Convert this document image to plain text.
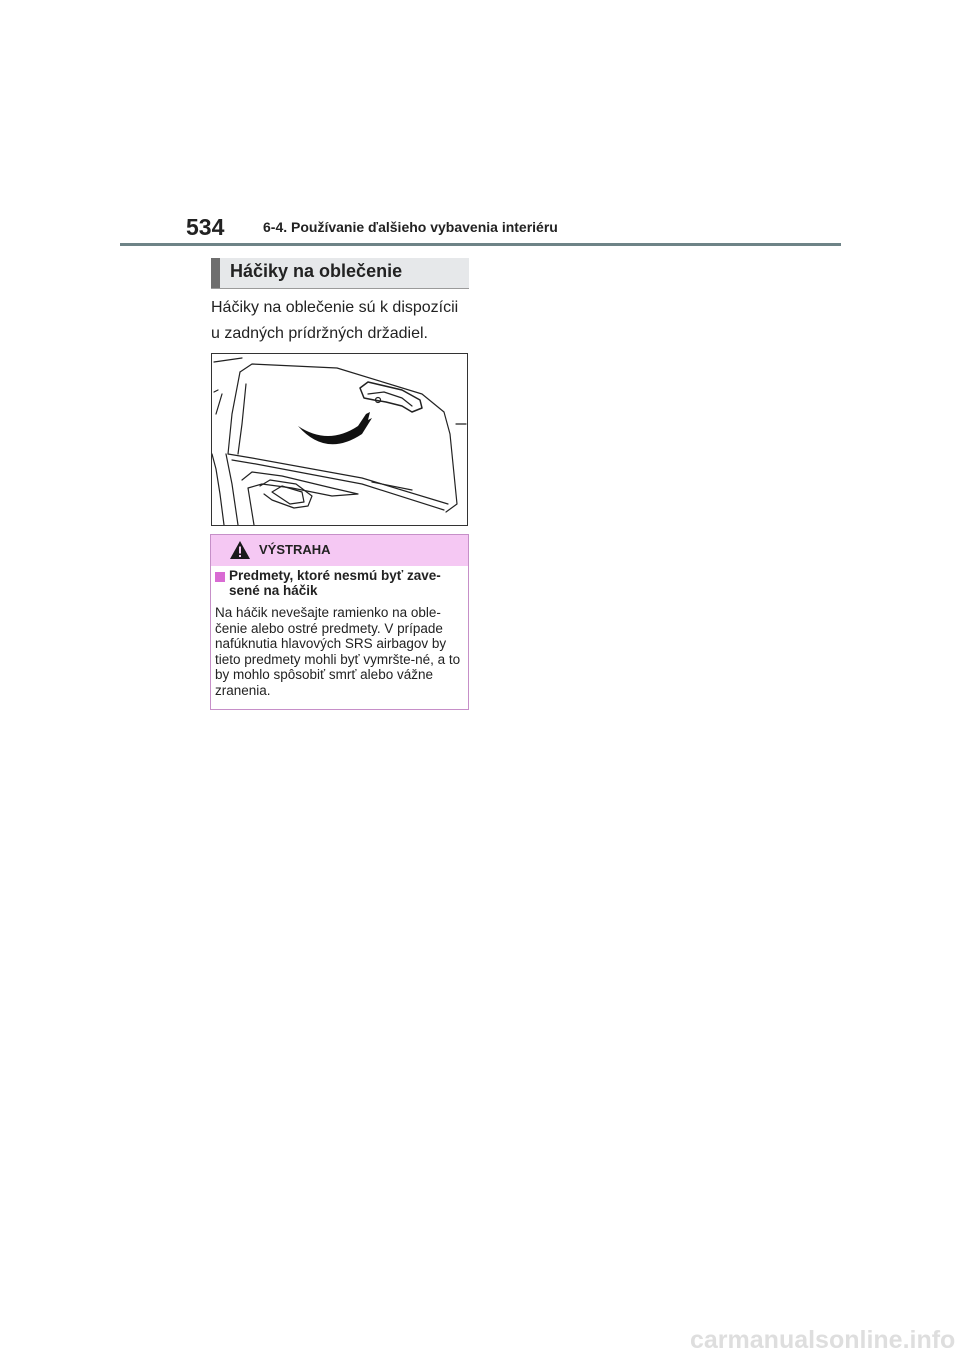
534	6-4. Používanie ďalšieho vybavenia interiéru
Háčiky na oblečenie

Háčiky na oblečenie sú k dispozícii u zadných prídržných držadiel.

VÝSTRAHA

Predmety, ktoré nesmú byť zave-sené na háčik

Na háčik nevešajte ramienko na oble-čenie alebo ostré predmety. V prípade nafúknutia hlavových SRS airbagov by tieto predmety mohli byť vymršte-né, a to by mohlo spôsobiť smrť alebo vážne zranenia.

carmanualsonline.info
